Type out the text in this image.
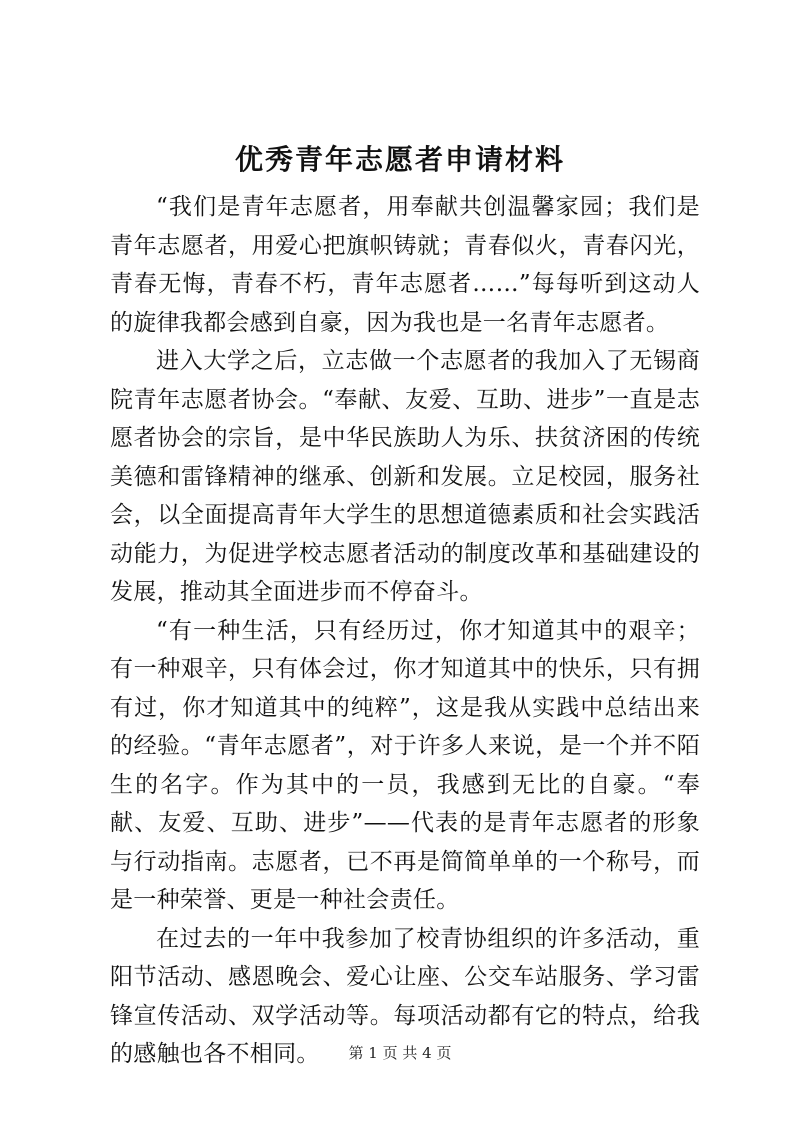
优秀青年志愿者申请材料

“我们是青年志愿者，用奉献共创温馨家园；我们是青年志愿者，用爱心把旗帜铸就；青春似火，青春闪光，青春无悔，青春不朽，青年志愿者……”每每听到这动人的旋律我都会感到自豪，因为我也是一名青年志愿者。

进入大学之后，立志做一个志愿者的我加入了无锡商院青年志愿者协会。“奉献、友爱、互助、进步”一直是志愿者协会的宗旨，是中华民族助人为乐、扶贫济困的传统美德和雷锋精神的继承、创新和发展。立足校园，服务社会，以全面提高青年大学生的思想道德素质和社会实践活动能力，为促进学校志愿者活动的制度改革和基础建设的发展，推动其全面进步而不停奋斗。

“有一种生活，只有经历过，你才知道其中的艰辛；有一种艰辛，只有体会过，你才知道其中的快乐，只有拥有过，你才知道其中的纯粹”，这是我从实践中总结出来的经验。“青年志愿者”，对于许多人来说，是一个并不陌生的名字。作为其中的一员，我感到无比的自豪。“奉献、友爱、互助、进步”——代表的是青年志愿者的形象与行动指南。志愿者，已不再是简简单单的一个称号，而是一种荣誉、更是一种社会责任。

在过去的一年中我参加了校青协组织的许多活动，重阳节活动、感恩晚会、爱心让座、公交车站服务、学习雷锋宣传活动、双学活动等。每项活动都有它的特点，给我的感触也各不相同。	第 1 页 共 4 页
